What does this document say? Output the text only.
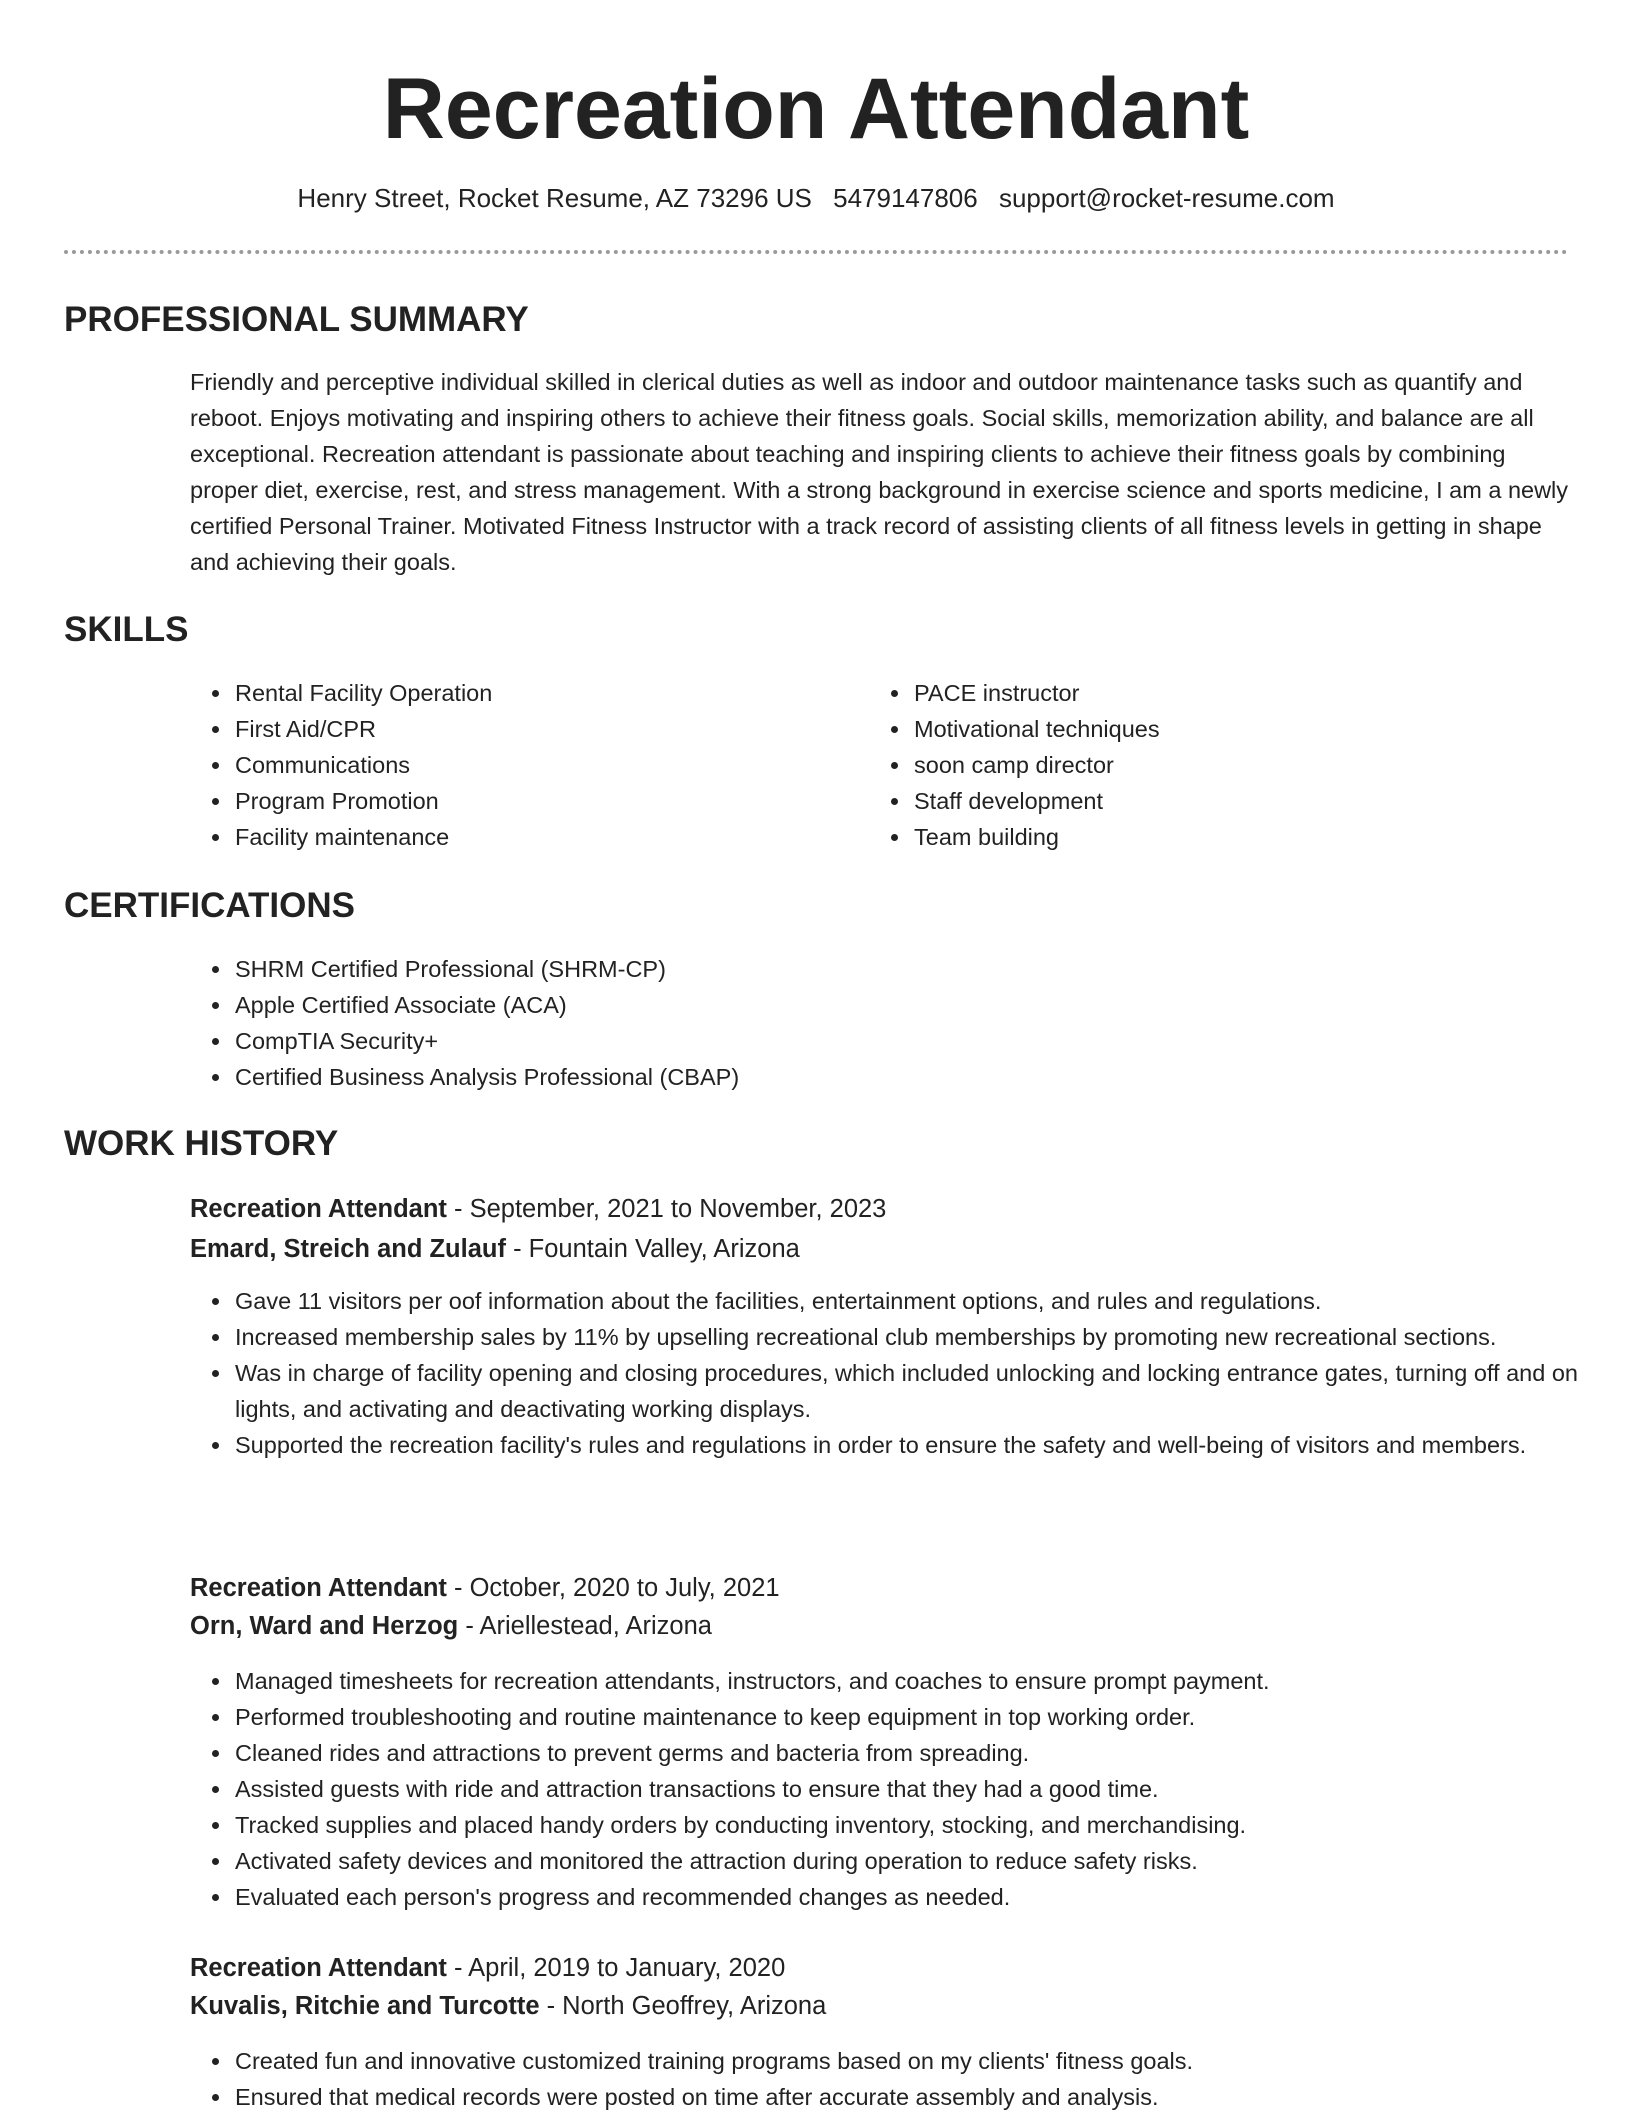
Recreation Attendant
Henry Street, Rocket Resume, AZ 73296 US 5479147806 support@rocket-resume.com
PROFESSIONAL SUMMARY

Friendly and perceptive individual skilled in clerical duties as well as indoor and outdoor maintenance tasks such as quantify and reboot. Enjoys motivating and inspiring others to achieve their fitness goals. Social skills, memorization ability, and balance are all exceptional. Recreation attendant is passionate about teaching and inspiring clients to achieve their fitness goals by combining proper diet, exercise, rest, and stress management. With a strong background in exercise science and sports medicine, I am a newly certified Personal Trainer. Motivated Fitness Instructor with a track record of assisting clients of all fitness levels in getting in shape and achieving their goals.

SKILLS
• Rental Facility Operation
• First Aid/CPR
• Communications
• Program Promotion
• Facility maintenance
• PACE instructor
• Motivational techniques
• soon camp director
• Staff development
• Team building
CERTIFICATIONS
• SHRM Certified Professional (SHRM-CP)
• Apple Certified Associate (ACA)
• CompTIA Security+
• Certified Business Analysis Professional (CBAP)
WORK HISTORY
Recreation Attendant - September, 2021 to November, 2023
Emard, Streich and Zulauf - Fountain Valley, Arizona
• Gave 11 visitors per oof information about the facilities, entertainment options, and rules and regulations.
• Increased membership sales by 11% by upselling recreational club memberships by promoting new recreational sections.
• Was in charge of facility opening and closing procedures, which included unlocking and locking entrance gates, turning off and on lights, and activating and deactivating working displays.
• Supported the recreation facility's rules and regulations in order to ensure the safety and well-being of visitors and members.
Recreation Attendant - October, 2020 to July, 2021
Orn, Ward and Herzog - Ariellestead, Arizona
• Managed timesheets for recreation attendants, instructors, and coaches to ensure prompt payment.
• Performed troubleshooting and routine maintenance to keep equipment in top working order.
• Cleaned rides and attractions to prevent germs and bacteria from spreading.
• Assisted guests with ride and attraction transactions to ensure that they had a good time.
• Tracked supplies and placed handy orders by conducting inventory, stocking, and merchandising.
• Activated safety devices and monitored the attraction during operation to reduce safety risks.
• Evaluated each person's progress and recommended changes as needed.
Recreation Attendant - April, 2019 to January, 2020
Kuvalis, Ritchie and Turcotte - North Geoffrey, Arizona
• Created fun and innovative customized training programs based on my clients' fitness goals.
• Ensured that medical records were posted on time after accurate assembly and analysis.
